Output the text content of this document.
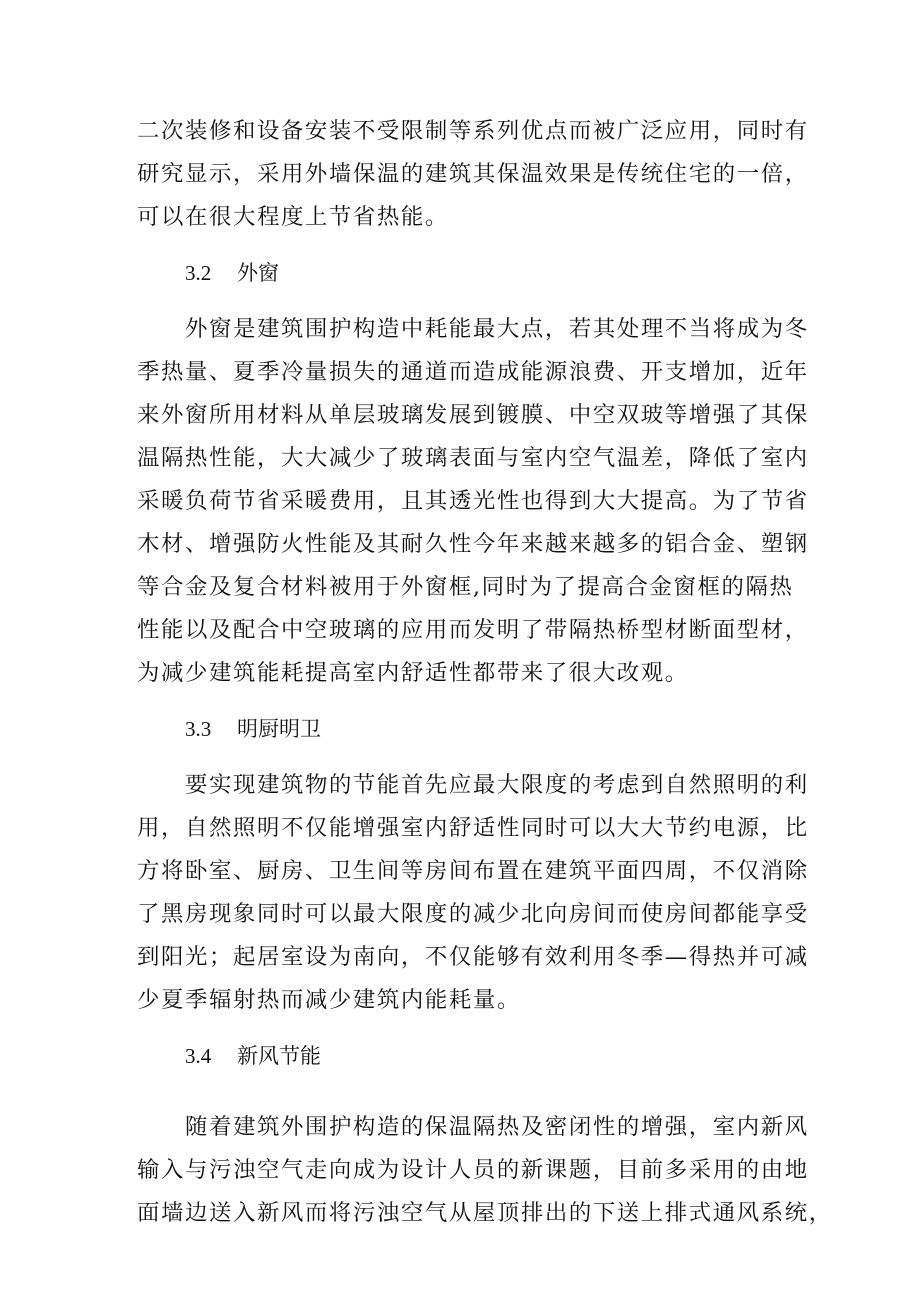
二次装修和设备安装不受限制等系列优点而被广泛应用，同时有
研究显示，采用外墙保温的建筑其保温效果是传统住宅的一倍，
可以在很大程度上节省热能。
3.2 外窗
外窗是建筑围护构造中耗能最大点，若其处理不当将成为冬
季热量、夏季冷量损失的通道而造成能源浪费、开支增加，近年
来外窗所用材料从单层玻璃发展到镀膜、中空双玻等增强了其保
温隔热性能，大大减少了玻璃表面与室内空气温差，降低了室内
采暖负荷节省采暖费用，且其透光性也得到大大提高。为了节省
木材、增强防火性能及其耐久性今年来越来越多的铝合金、塑钢
等合金及复合材料被用于外窗框,同时为了提高合金窗框的隔热
性能以及配合中空玻璃的应用而发明了带隔热桥型材断面型材，
为减少建筑能耗提高室内舒适性都带来了很大改观。
3.3 明厨明卫
要实现建筑物的节能首先应最大限度的考虑到自然照明的利
用，自然照明不仅能增强室内舒适性同时可以大大节约电源，比
方将卧室、厨房、卫生间等房间布置在建筑平面四周，不仅消除
了黑房现象同时可以最大限度的减少北向房间而使房间都能享受
到阳光；起居室设为南向，不仅能够有效利用冬季—得热并可减
少夏季辐射热而减少建筑内能耗量。
3.4 新风节能
随着建筑外围护构造的保温隔热及密闭性的增强，室内新风
输入与污浊空气走向成为设计人员的新课题，目前多采用的由地
面墙边送入新风而将污浊空气从屋顶排出的下送上排式通风系统，
